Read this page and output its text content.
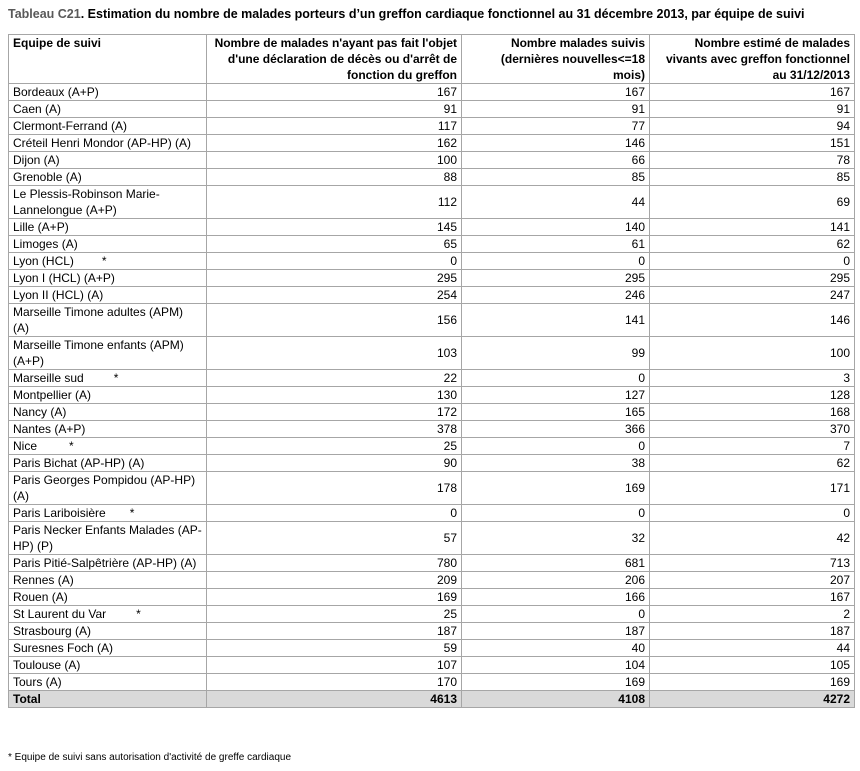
Tableau C21. Estimation du nombre de malades porteurs d’un greffon cardiaque fonctionnel au 31 décembre 2013, par équipe de suivi
Equipe de suivi	Nombre de malades n'ayant pas fait l'objet d'une déclaration de décès ou d'arrêt de fonction du greffon	Nombre malades suivis (dernières nouvelles<=18 mois)	Nombre estimé de malades vivants avec greffon fonctionnel au 31/12/2013
Bordeaux (A+P)	167	167	167
Caen (A)	91	91	91
Clermont-Ferrand (A)	117	77	94
Créteil Henri Mondor (AP-HP) (A)	162	146	151
Dijon (A)	100	66	78
Grenoble (A)	88	85	85
Le Plessis-Robinson Marie-Lannelongue (A+P)	112	44	69
Lille (A+P)	145	140	141
Limoges (A)	65	61	62
Lyon (HCL) *	0	0	0
Lyon I (HCL) (A+P)	295	295	295
Lyon II (HCL) (A)	254	246	247
Marseille Timone adultes (APM) (A)	156	141	146
Marseille Timone enfants (APM) (A+P)	103	99	100
Marseille sud *	22	0	3
Montpellier (A)	130	127	128
Nancy (A)	172	165	168
Nantes (A+P)	378	366	370
Nice *	25	0	7
Paris Bichat (AP-HP) (A)	90	38	62
Paris Georges Pompidou (AP-HP) (A)	178	169	171
Paris Lariboisière *	0	0	0
Paris Necker Enfants Malades (AP-HP) (P)	57	32	42
Paris Pitié-Salpêtrière (AP-HP) (A)	780	681	713
Rennes (A)	209	206	207
Rouen (A)	169	166	167
St Laurent du Var *	25	0	2
Strasbourg (A)	187	187	187
Suresnes Foch (A)	59	40	44
Toulouse (A)	107	104	105
Tours (A)	170	169	169
Total	4613	4108	4272
* Equipe de suivi sans autorisation d'activité de greffe cardiaque
